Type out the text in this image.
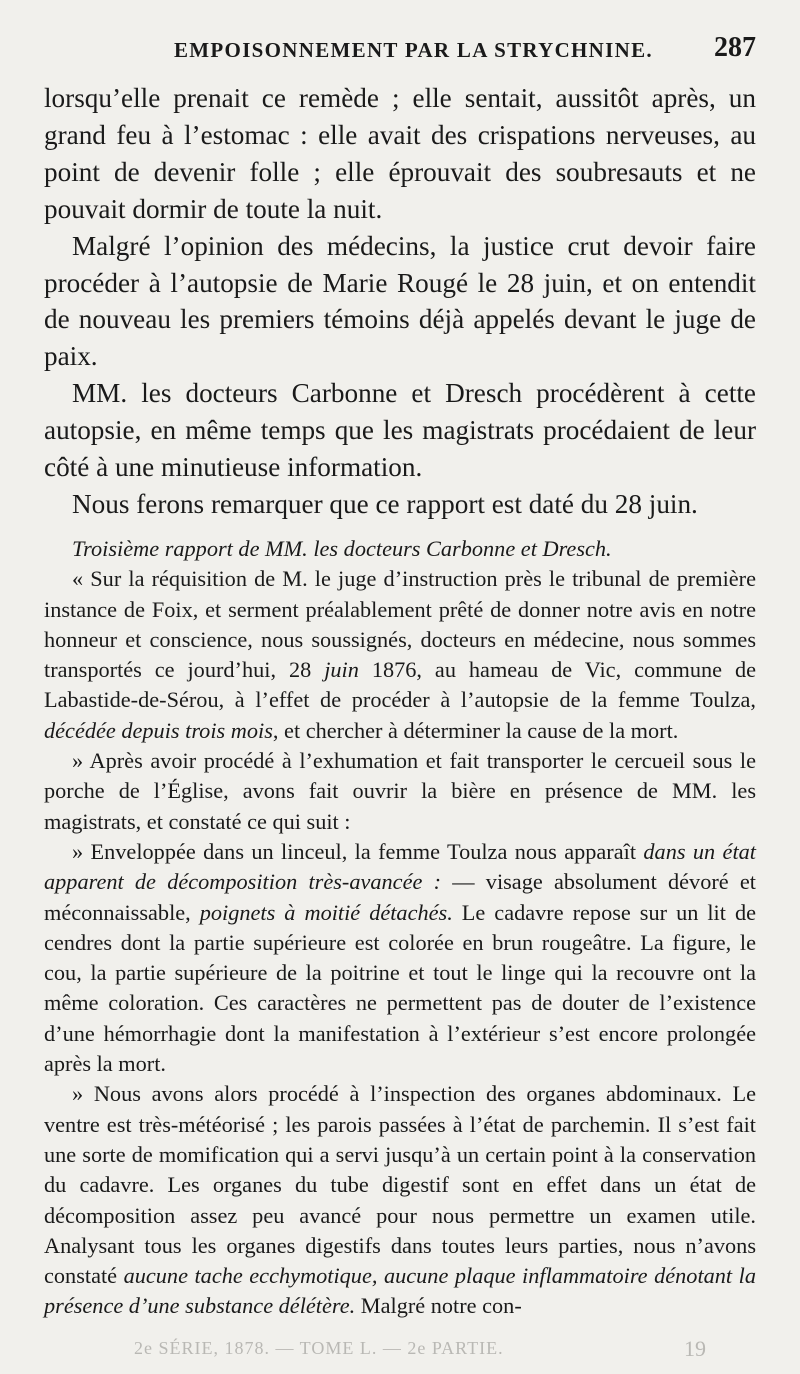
EMPOISONNEMENT PAR LA STRYCHNINE. 287

lorsqu’elle prenait ce remède ; elle sentait, aussitôt après, un grand feu à l’estomac : elle avait des crispations nerveuses, au point de devenir folle ; elle éprouvait des soubresauts et ne pouvait dormir de toute la nuit.

Malgré l’opinion des médecins, la justice crut devoir faire procéder à l’autopsie de Marie Rougé le 28 juin, et on entendit de nouveau les premiers témoins déjà appelés devant le juge de paix.

MM. les docteurs Carbonne et Dresch procédèrent à cette autopsie, en même temps que les magistrats procédaient de leur côté à une minutieuse information.

Nous ferons remarquer que ce rapport est daté du 28 juin.

Troisième rapport de MM. les docteurs Carbonne et Dresch.

« Sur la réquisition de M. le juge d’instruction près le tribunal de première instance de Foix, et serment préalablement prêté de donner notre avis en notre honneur et conscience, nous soussignés, docteurs en médecine, nous sommes transportés ce jourd’hui, 28 juin 1876, au hameau de Vic, commune de Labastide-de-Sérou, à l’effet de procéder à l’autopsie de la femme Toulza, décédée depuis trois mois, et chercher à déterminer la cause de la mort.

» Après avoir procédé à l’exhumation et fait transporter le cercueil sous le porche de l’Église, avons fait ouvrir la bière en présence de MM. les magistrats, et constaté ce qui suit :

» Enveloppée dans un linceul, la femme Toulza nous apparaît dans un état apparent de décomposition très-avancée : — visage absolument dévoré et méconnaissable, poignets à moitié détachés. Le cadavre repose sur un lit de cendres dont la partie supérieure est colorée en brun rougeâtre. La figure, le cou, la partie supérieure de la poitrine et tout le linge qui la recouvre ont la même coloration. Ces caractères ne permettent pas de douter de l’existence d’une hémorrhagie dont la manifestation à l’extérieur s’est encore prolongée après la mort.

» Nous avons alors procédé à l’inspection des organes abdominaux. Le ventre est très-météorisé ; les parois passées à l’état de parchemin. Il s’est fait une sorte de momification qui a servi jusqu’à un certain point à la conservation du cadavre. Les organes du tube digestif sont en effet dans un état de décomposition assez peu avancé pour nous permettre un examen utile. Analysant tous les organes digestifs dans toutes leurs parties, nous n’avons constaté aucune tache ecchymotique, aucune plaque inflammatoire dénotant la présence d’une substance délétère. Malgré notre con-

2e SÉRIE, 1878. — TOME L. — 2e PARTIE.	19
